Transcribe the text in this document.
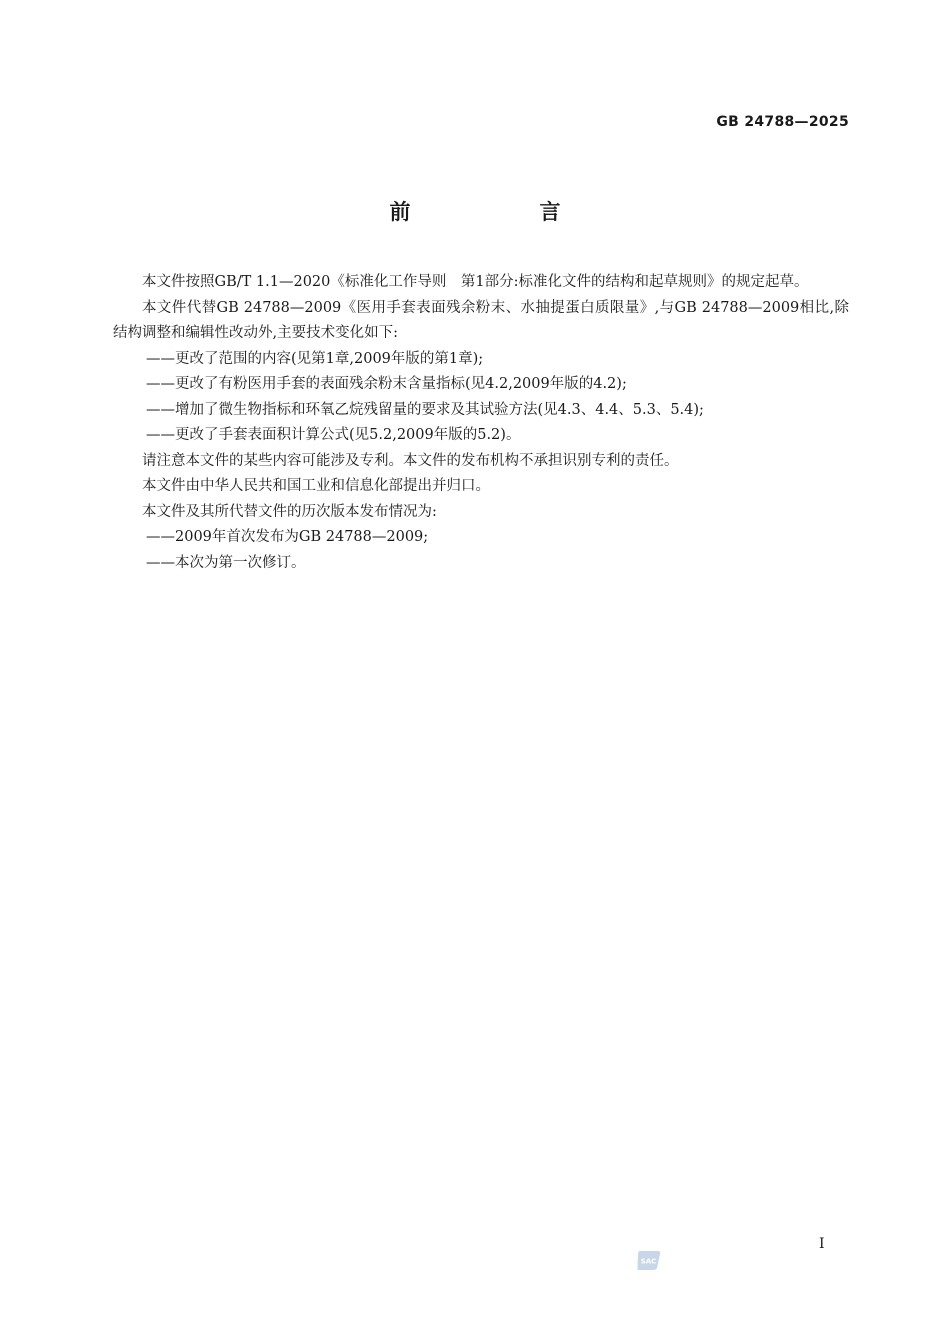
GB 24788—2025
前　言

本文件按照GB/T 1.1—2020《标准化工作导则　第1部分:标准化文件的结构和起草规则》的规定起草。

本文件代替GB 24788—2009《医用手套表面残余粉末、水抽提蛋白质限量》,与GB 24788—2009相比,除结构调整和编辑性改动外,主要技术变化如下:

——更改了范围的内容(见第1章,2009年版的第1章);

——更改了有粉医用手套的表面残余粉末含量指标(见4.2,2009年版的4.2);

——增加了微生物指标和环氧乙烷残留量的要求及其试验方法(见4.3、4.4、5.3、5.4);

——更改了手套表面积计算公式(见5.2,2009年版的5.2)。

请注意本文件的某些内容可能涉及专利。本文件的发布机构不承担识别专利的责任。

本文件由中华人民共和国工业和信息化部提出并归口。

本文件及其所代替文件的历次版本发布情况为:

——2009年首次发布为GB 24788—2009;

——本次为第一次修订。

I
SAC
